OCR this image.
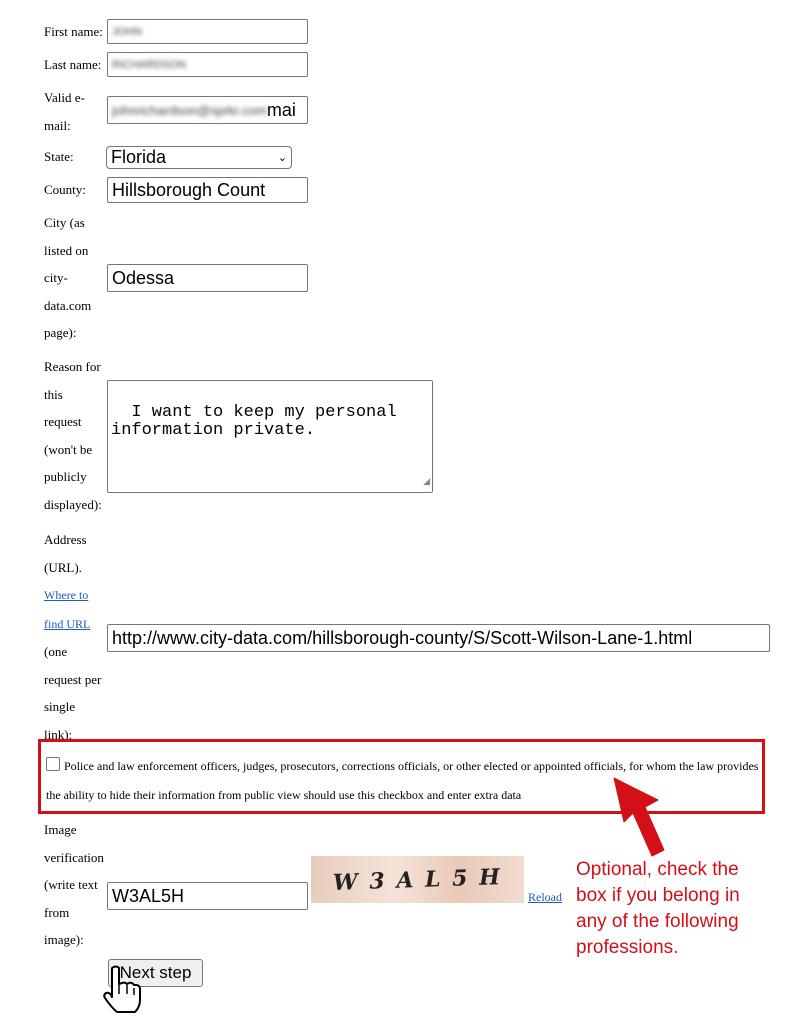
First name: JOHN
Last name: RICHARDSON
Valid e-
mail:
johnrichardson@sprkr.com mai
State: Florida	⌄
County: Hillsborough Count
City (as
listed on
city-
data.com
page):
Odessa
Reason for
this
request
(won't be
publicly
displayed):

I want to keep my personal
information private.

◢

Address
(URL).
Where to
find URL
(one
request per
single
link):
http://www.city-data.com/hillsborough-county/S/Scott-Wilson-Lane-1.html
Police and law enforcement officers, judges, prosecutors, corrections officials, or other elected or appointed officials, for whom the law provides the ability to hide their information from public view should use this checkbox and enter extra data
Image
verification
(write text
from
image):
W3AL5H
W 3 A L 5 H
Reload
Next step
Optional, check the
box if you belong in
any of the following
professions.
